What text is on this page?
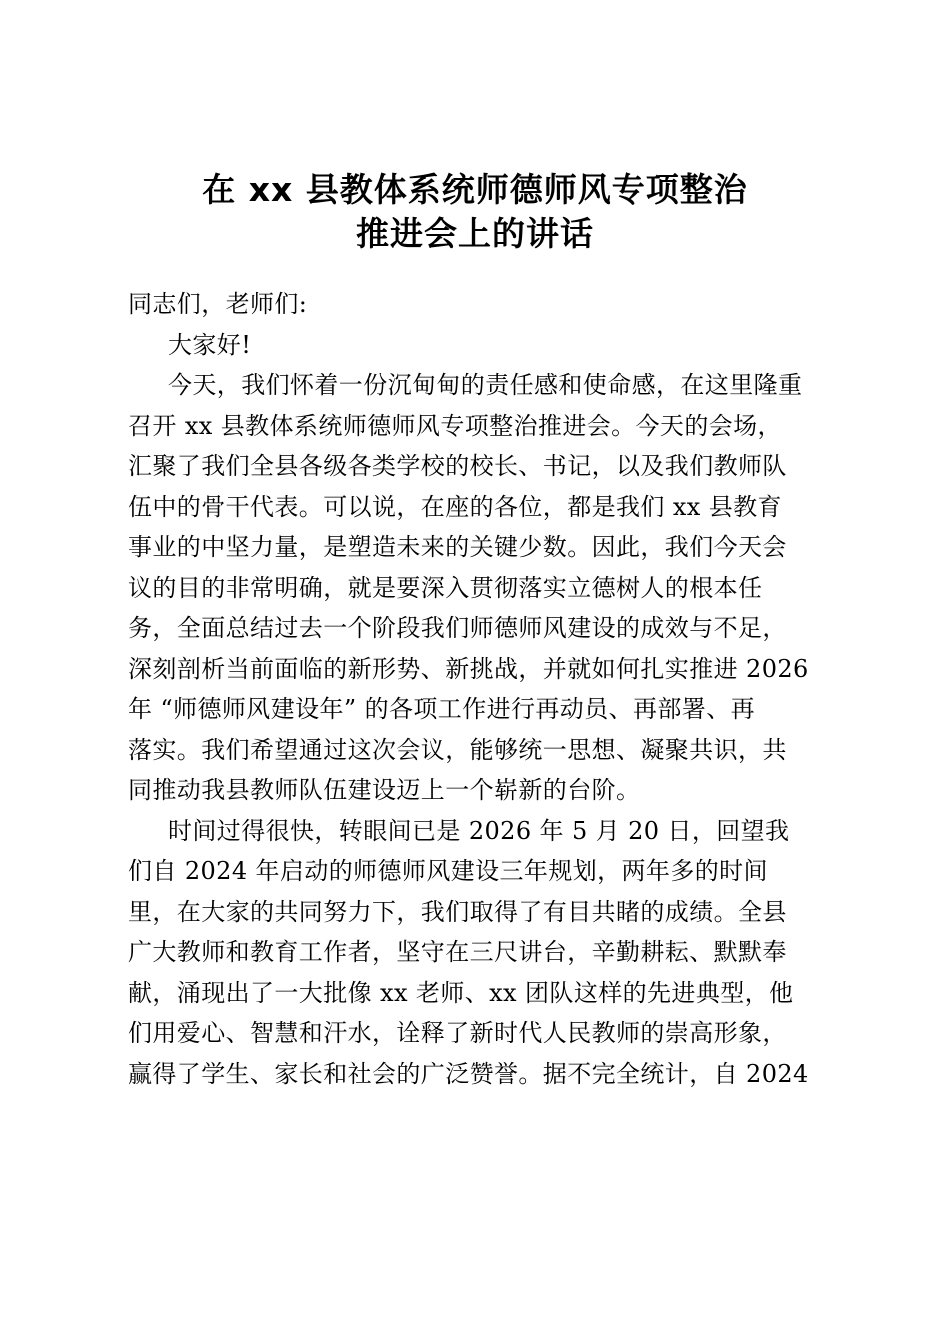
在 xx 县教体系统师德师风专项整治
推进会上的讲话
同志们，老师们:
大家好!
今天，我们怀着一份沉甸甸的责任感和使命感，在这里隆重
召开 xx 县教体系统师德师风专项整治推进会。今天的会场，
汇聚了我们全县各级各类学校的校长、书记，以及我们教师队
伍中的骨干代表。可以说，在座的各位，都是我们 xx 县教育
事业的中坚力量，是塑造未来的关键少数。因此，我们今天会
议的目的非常明确，就是要深入贯彻落实立德树人的根本任
务，全面总结过去一个阶段我们师德师风建设的成效与不足，
深刻剖析当前面临的新形势、新挑战，并就如何扎实推进 2026
年 “师德师风建设年” 的各项工作进行再动员、再部署、再
落实。我们希望通过这次会议，能够统一思想、凝聚共识，共
同推动我县教师队伍建设迈上一个崭新的台阶。
时间过得很快，转眼间已是 2026 年 5 月 20 日，回望我
们自 2024 年启动的师德师风建设三年规划，两年多的时间
里，在大家的共同努力下，我们取得了有目共睹的成绩。全县
广大教师和教育工作者，坚守在三尺讲台，辛勤耕耘、默默奉
献，涌现出了一大批像 xx 老师、xx 团队这样的先进典型，他
们用爱心、智慧和汗水，诠释了新时代人民教师的崇高形象，
赢得了学生、家长和社会的广泛赞誉。据不完全统计，自 2024
